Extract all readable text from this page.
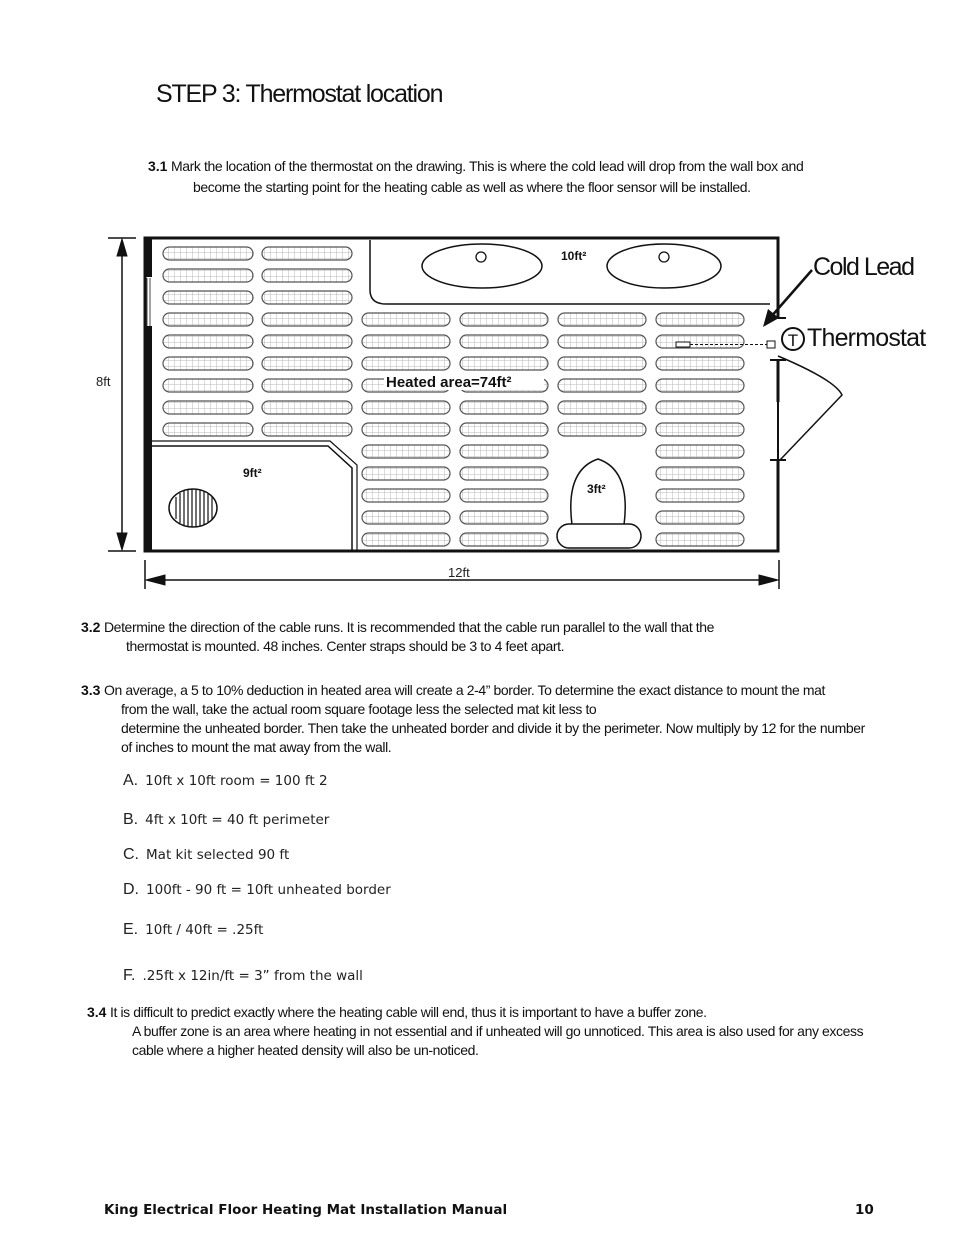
STEP 3: Thermostat location
3.1 Mark the location of the thermostat on the drawing. This is where the cold lead will drop from the wall box and
become the starting point for the heating cable as well as where the floor sensor will be installed.
8ft
12ft
10ft²
9ft²
3ft²
Heated area=74ft²
Cold Lead
T Thermostat
3.2 Determine the direction of the cable runs. It is recommended that the cable run parallel to the wall that the
thermostat is mounted. 48 inches. Center straps should be 3 to 4 feet apart.
3.3 On average, a 5 to 10% deduction in heated area will create a 2-4” border. To determine the exact distance to mount the mat
from the wall, take the actual room square footage less the selected mat kit less to
determine the unheated border. Then take the unheated border and divide it by the perimeter. Now multiply by 12 for the number
of inches to mount the mat away from the wall.
A. 10ft x 10ft room = 100 ft 2
B. 4ft x 10ft = 40 ft perimeter
C. Mat kit selected 90 ft
D. 100ft - 90 ft = 10ft unheated border
E. 10ft / 40ft = .25ft
F. .25ft x 12in/ft = 3” from the wall
3.4 It is difficult to predict exactly where the heating cable will end, thus it is important to have a buffer zone.
A buffer zone is an area where heating in not essential and if unheated will go unnoticed. This area is also used for any excess
cable where a higher heated density will also be un-noticed.
King Electrical Floor Heating Mat Installation Manual	10
